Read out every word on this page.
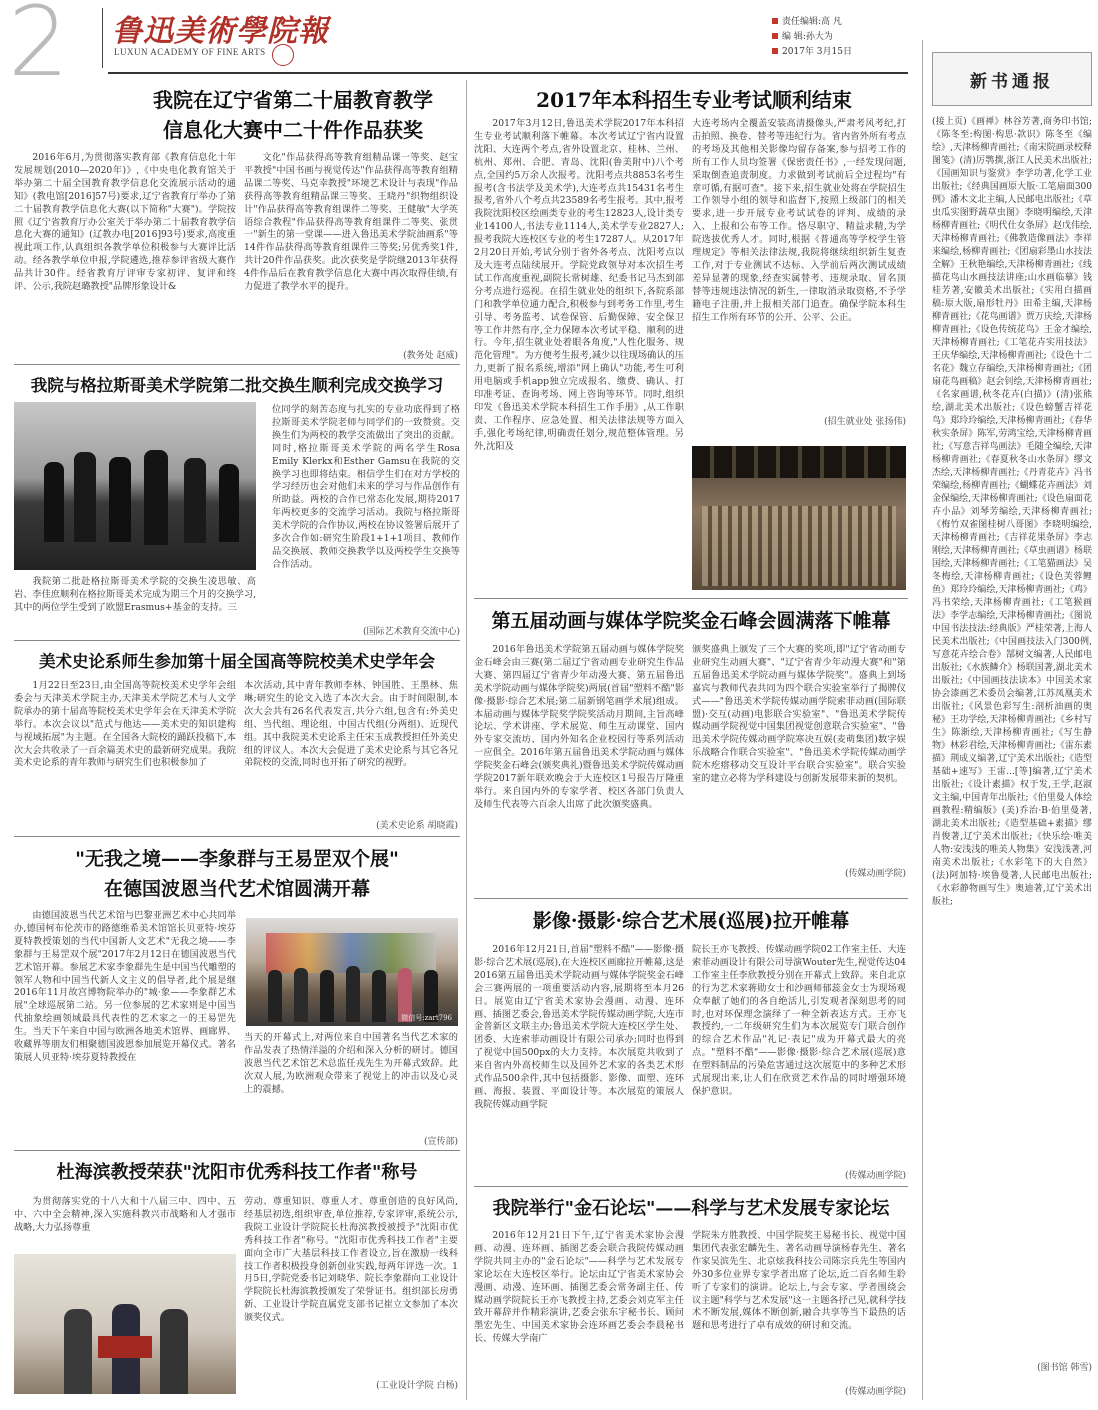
2 鲁迅美術學院報
LUXUN ACADEMY OF FINE ARTS
责任编辑:高 凡
编 辑:孙大为
2017年 3月15日
新书通报
(接上页)《画禅》林谷芳著,商务印书馆;《陈冬至:构图·构思·款识》陈冬至《编绘》,天津杨柳青画社;《南宋院画录校释图笺》(清)厉鹗撰,浙江人民美术出版社;《国画知识与鉴赏》李学功著,化学工业出版社;《经典国画原大版·工笔扇面300例》潘木文北主编,人民邮电出版社;《草虫瓜实图野蔬草虫图》李晓明编绘,天津杨柳青画社;《明代仕女条屏》赵戊伟绘,天津杨柳青画社;《佛教造像画法》李祥来编绘,杨柳青画社;《团扇彩墨山水技法全解》王秋艳编绘,天津杨柳青画社;《线描花鸟山水画技法讲座;山水画临摹》钱桂芳著,安徽美术出版社;《实用白描画稿:原大版,扇形牡丹》田希主编,天津杨柳青画社;《花鸟画谱》贾万庆绘,天津杨柳青画社;《设色传统花鸟》王金才编绘,天津杨柳青画社;《工笔花卉实用技法》王庆华编绘,天津杨柳青画社;《设色十二名花》魏立存编绘,天津杨柳青画社;《团扇花鸟画稿》赵会钊绘,天津杨柳青画社;《名家画谱,秋冬花卉(白描)》(清)张熊绘,湖北美术出版社;《设色螃蟹吉祥花鸟》郑玲玲编绘,天津杨柳青画社;《春华秋实条屏》陈军,劳鸿宝绘,天津杨柳青画社;《写意吉祥鸟画法》毛随全编绘,天津杨柳青画社;《春夏秋冬山水条屏》缪文杰绘,天津杨柳青画社;《丹青花卉》冯书荣编绘,杨柳青画社;《蝴蝶花卉画法》刘金保编绘,天津杨柳青画社;《设色扇面花卉小品》刘琴芳编绘,天津杨柳青画社;《梅竹双雀图桂树八哥图》李晓明编绘,天津杨柳青画社;《吉祥花果条屏》李志刚绘,天津杨柳青画社;《草虫画谱》杨联国绘,天津杨柳青画社;《工笔猫画法》吴冬梅绘,天津杨柳青画社;《设色芙蓉鲤鱼》郑玲玲编绘,天津杨柳青画社;《鸡》冯书荣绘,天津杨柳青画社;《工笔猴画法》李学志编绘,天津杨柳青画社;《图说中国书法技法:经典版》严桂荣著,上海人民美术出版社;《中国画技法入门300例,写意花卉绘合卷》郜树文编著,人民邮电出版社;《水族鳞介》杨联国著,湖北美术出版社;《中国画技法读本》中国美术家协会漆画艺术委员会编著,江苏凤凰美术出版社;《风景色彩写生:剖析油画的奥秘》王功学绘,天津杨柳青画社;《乡村写生》陈渐绘,天津杨柳青画社;《写生静物》林彩君绘,天津杨柳青画社;《雷东素描》荆成义编著,辽宁美术出版社;《造型基础+速写》王雷...[等]编著,辽宁美术出版社;《设计素描》权于发,王学,赵淑文主编,中国青年出版社;《伯里曼人体绘画教程:精编版》(美)乔治·B·伯里曼著,湖北美术出版社;《造型基础+素描》缪肖俊著,辽宁美术出版社;《快乐绘·唯美人物:安浅浅的唯美人物集》安浅浅著,河南美术出版社;《水彩笔下的大自然》(法)阿加特·埃鲁曼著,人民邮电出版社;《水彩静物画写生》奥迪著,辽宁美术出版社;
(图书馆 韩雪)
我院在辽宁省第二十届教育教学
信息化大赛中二十件作品获奖
2016年6月,为贯彻落实教育部《教育信息化十年发展规划(2010—2020年)》,《中央电化教育馆关于举办第二十届全国教育教学信息化交流展示活动的通知》(教电馆[2016]57号)要求,辽宁省教育厅举办了第二十届教育教学信息化大赛(以下简称"大赛")。学院按照《辽宁省教育厅办公室关于举办第二十届教育教学信息化大赛的通知》(辽教办电[2016]93号)要求,高度重视此项工作,认真组织各教学单位积极参与大赛评比活动。经各教学单位申报,学院遴选,推荐参评省级大赛作品共计30件。经省教育厅评审专家初评、复评和终评、公示,我院赵璐教授"品牌形象设计&
文化"作品获得高等教育组精品课一等奖、赵宝平教授"中国书画与视觉传达"作品获得高等教育组精品课二等奖、马克幸教授"环境艺术设计与表现"作品获得高等教育组精品课三等奖、王晓丹"织物组织设计"作品获得高等教育组课件二等奖、王健敏"大学英语综合教程"作品获得高等教育组课件二等奖、张贯一"新生的第一堂课——进入鲁迅美术学院油画系"等14件作品获得高等教育组课件三等奖;另优秀奖1件,共计20件作品获奖。此次获奖是学院继2013年获得4件作品后在教育教学信息化大赛中再次取得佳绩,有力促进了教学水平的提升。
(教务处 赵威)
我院与格拉斯哥美术学院第二批交换生顺利完成交换学习
我院第二批赴格拉斯哥美术学院的交换生凌思敏、高岩、李佳庶顺利在格拉斯哥美术完成为期三个月的交换学习,其中的两位学生受到了欧盟Erasmus+基金的支持。三
位同学的刻苦态度与扎实的专业功底得到了格拉斯哥美术学院老师与同学们的一致赞赏。交换生们为两校的教学交流做出了突出的贡献。同时,格拉斯哥美术学院的两名学生Rosa Emily Klerkx和Esther Gamsu在我院的交换学习也即将结束。相信学生们在对方学校的学习经历也会对他们未来的学习与作品创作有所助益。两校的合作已常态化发展,期待2017年两校更多的交流学习活动。我院与格拉斯哥美术学院的合作协议,两校在协议签署后展开了多次合作如:研究生阶段1+1+1项目、教师作品交换展、教师交换教学以及两校学生交换等合作活动。
(国际艺术教育交流中心)
美术史论系师生参加第十届全国高等院校美术史学年会
1月22日至23日,由全国高等院校美术史学年会组委会与天津美术学院主办,天津美术学院艺术与人文学院承办的第十届高等院校美术史学年会在天津美术学院举行。本次会议以"范式与他达——美术史的知识建构与视域拓展"为主题。在全国各大院校的踊跃投稿下,本次大会共收录了一百余篇美术史的最新研究成果。我院美术史论系的青年教师与研究生们也积极参加了
本次活动,其中青年教师李林、钟国胜、王墨林、焦琳;研究生的论文入选了本次大会。由于时间限制,本次大会共有26名代表发言,共分六组,包含有:外美史组、当代组、理论组、中国古代组(分两组)、近现代组。其中我院美术史论系主任宋玉成教授担任外美史组的评议人。本次大会促进了美术史论系与其它各兄弟院校的交流,同时也开拓了研究的视野。
(美术史论系 胡晓霞)
"无我之境——李象群与王易罡双个展"
在德国波恩当代艺术馆圆满开幕
由德国波恩当代艺术馆与巴黎亚洲艺术中心共同举办,德国柯布伦茨市的路德维希美术馆馆长贝亚特·埃芬夏特教授策划的当代中国新人文艺术"无我之境——李象群与王易罡双个展"2017年2月12日在德国波恩当代艺术馆开幕。参展艺术家李象群先生是中国当代雕塑的领军人物和中国当代新人文主义的倡导者,此个展是继2016年11月故宫博物院举办的"城·象——李象群艺术展"全球巡展第二站。另一位参展的艺术家则是中国当代抽象绘画领域最具代表性的艺术家之一的王易罡先生。当天下午来自中国与欧洲各地美术馆界、画廊界、收藏界等朋友们相聚德国波恩参加展览开幕仪式。著名策展人贝亚特·埃芬夏特教授在
微信号:zart796
当天的开幕式上,对两位来自中国著名当代艺术家的作品发表了热情洋溢的介绍和深入分析的研讨。德国波恩当代艺术馆艺术总监任戎先生为开幕式致辞。此次双人展,为欧洲观众带来了视觉上的冲击以及心灵上的震撼。
(宣传部)
杜海滨教授荣获"沈阳市优秀科技工作者"称号
为贯彻落实党的十八大和十八届三中、四中、五中、六中全会精神,深入实施科教兴市战略和人才强市战略,大力弘扬尊重
劳动、尊重知识、尊重人才、尊重创造的良好风尚,经基层初选,组织审查,单位推荐,专家评审,系统公示,我院工业设计学院院长杜海滨教授被授予"沈阳市优秀科技工作者"称号。"沈阳市优秀科技工作者"主要面向全市广大基层科技工作者设立,旨在激励一线科技工作者积极投身创新创业实践,每两年评选一次。1月5日,学院党委书记刘晓华、院长李象群向工业设计学院院长杜海滨教授颁发了荣誉证书。组织部长房勇新、工业设计学院直属党支部书记崔立文参加了本次颁奖仪式。
(工业设计学院 白杨)
2017年本科招生专业考试顺利结束
2017年3月12日,鲁迅美术学院2017年本科招生专业考试顺利落下帷幕。本次考试辽宁省内设置沈阳、大连两个考点,省外设置北京、桂林、兰州、杭州、郑州、合肥、青岛、沈阳(鲁美附中)八个考点,全国约5万余人次报考。沈阳考点共8853名考生报考(含书法学及美术学),大连考点共15431名考生报考,省外八个考点共23589名考生报考。其中,报考我院沈阳校区绘画类专业的考生12823人,设计类专业14100人,书法专业1114人,美术学专业2827人;报考我院大连校区专业的考生17287人。从2017年2月20日开始,考试分别于省外各考点、沈阳考点以及大连考点陆续展开。学院党政领导对本次招生考试工作高度重视,副院长常树雄、纪委书记马杰到部分考点进行巡视。在招生就业处的组织下,各院系部门和教学单位通力配合,积极参与到考务工作里,考生引导、考务监考、试卷保管、后勤保障、安全保卫等工作井然有序,全力保障本次考试平稳、顺利的进行。今年,招生就业处着眼各角度,"人性化服务、规范化管理"。为方便考生报考,减少以往现场确认的压力,更新了报名系统,增添"网上确认"功能,考生可利用电脑或手机app独立完成报名、缴费、确认、打印准考证、查询考场、网上咨询等环节。同时,组织印发《鲁迅美术学院本科招生工作手册》,从工作职责、工作程序、应急处置、相关法律法规等方面入手,强化考场纪律,明确责任划分,规范整体管理。另外,沈阳及
大连考场内全覆盖安装高清摄像头,严肃考风考纪,打击拍照、换卷、替考等违纪行为。省内省外所有考点的考场及其他相关影像均留存备案,参与招考工作的所有工作人员均签署《保密责任书》,一经发现问题,采取倒查追责制度。力求做到考试前后全过程均"有章可循,有据可查"。接下来,招生就业处将在学院招生工作领导小组的领导和监督下,按照上级部门的相关要求,进一步开展专业考试试卷的评判、成绩的录入、上报和公布等工作。恪尽职守、精益求精,为学院选拔优秀人才。同时,根据《普通高等学校学生管理规定》等相关法律法规,我院将继续组织新生复查工作,对于专业测试不达标、入学前后两次测试成绩差异显著的现象,经查实属替考、违规录取、冒名顶替等违规违法情况的新生,一律取消录取资格,不予学籍电子注册,并上报相关部门追查。确保学院本科生招生工作所有环节的公开、公平、公正。
(招生就业处 张扬伟)
第五届动画与媒体学院奖金石峰会圆满落下帷幕
2016年鲁迅美术学院第五届动画与媒体学院奖金石峰会由三赛(第二届辽宁省动画专业研究生作品大赛、第四届辽宁省青少年动漫大赛、第五届鲁迅美术学院动画与媒体学院奖)两展(首届"塑料不酷"影像·摄影·综合艺术展;第二届新钢笔画学术展)组成。本届动画与媒体学院奖学院奖活动月期间,主旨高峰论坛、学术讲座、学术展览、师生互动课堂、国内外专家交流坊、国内外知名企业校园行等系列活动一应俱全。2016年第五届鲁迅美术学院动画与媒体学院奖金石峰会(颁奖典礼)暨鲁迅美术学院传媒动画学院2017新年联欢晚会于大连校区1号报告厅隆重举行。来自国内外的专家学者、校区各部门负责人及师生代表等六百余人出席了此次颁奖盛典。
颁奖盛典上颁发了三个大赛的奖项,即"辽宁省动画专业研究生动画大赛"、"辽宁省青少年动漫大赛"和"第五届鲁迅美术学院动画与媒体学院奖"。盛典上到场嘉宾与教师代表共同为四个联合实验室举行了揭牌仪式——"鲁迅美术学院传媒动画学院索菲动画(国际联盟)·交互(动画)电影联合实验室"、"鲁迅美术学院传媒动画学院视觉中国集团视觉创意联合实验室"、"鲁迅美术学院传媒动画学院寒决互娱(麦萌集团)数字娱乐战略合作联合实验室"、"鲁迅美术学院传媒动画学院木疙瘩移动交互设计平台联合实验室"。联合实验室的建立必将为学科建设与创新发展带来新的契机。
(传媒动画学院)
影像·摄影·综合艺术展(巡展)拉开帷幕
2016年12月21日,首届"塑料不酷"——影像·摄影·综合艺术展(巡展),在大连校区画廊拉开帷幕,这是2016第五届鲁迅美术学院动画与媒体学院奖金石峰会三赛两展的一项重要活动内容,展期将至本月26日。展览由辽宁省美术家协会漫画、动漫、连环画、插图艺委会,鲁迅美术学院传媒动画学院,大连市金普新区文联主办;鲁迅美术学院大连校区学生处、团委、大连索菲动画设计有限公司承办;同时也得到了视觉中国500px的大力支持。本次展览共收到了来自省内外高校师生以及国外艺术家的各类艺术形式作品500余件,其中包括摄影、影像、面塑、连环画、海报、装置、平面设计等。本次展览的策展人我院传媒动画学院
院长王亦飞教授、传媒动画学院02工作室主任、大连索菲动画设计有限公司导演Wouter先生,视觉传达04工作室主任李欣教授分别在开幕式上致辞。来自北京的行为艺术家蒋勋女士和沙画师郁蕊金女士为现场观众奉献了她们的各自绝活儿,引发观者深刻思考的同时,也对环保理念演绎了一种全新表达方式。王亦飞教授约,一二年级研究生们为本次展览专门联合创作的综合艺术作品"礼记·表记"成为开幕式最大的亮点。"塑料不酷"——影像·摄影·综合艺术展(巡展)意在塑料制品的污染危害通过这次展览中的多种艺术形式展现出来,让人们在欣赏艺术作品的同时增强环境保护意识。
(传媒动画学院)
我院举行"金石论坛"——科学与艺术发展专家论坛
2016年12月21日下午,辽宁省美术家协会漫画、动漫、连环画、插图艺委会联合我院传媒动画学院共同主办的"金石论坛"——科学与艺术发展专家论坛在大连校区举行。论坛由辽宁省美术家协会漫画、动漫、连环画、插图艺委会常务副主任、传媒动画学院院长王亦飞教授主持,艺委会刘克军主任致开幕辞并作精彩演讲,艺委会张东宇秘书长、顾问墨宏先生、中国美术家协会连环画艺委会李晨秘书长、传媒大学南广
学院朱方胜教授、中国学院奖王易秘书长、视觉中国集团代表张宏麟先生、著名动画导演杨春先生、著名作家吴滨先生、北京炫我科技公司陈宗兵先生等国内外30多位业界专家学者出席了论坛,近二百名师生聆听了专家们的演讲。论坛上,与会专家、学者围绕会议主题"科学与艺术发展"这一主题各抒己见,就科学技术不断发展,媒体不断创新,融合共享等当下最热的话题和思考进行了卓有成效的研讨和交流。
(传媒动画学院)
